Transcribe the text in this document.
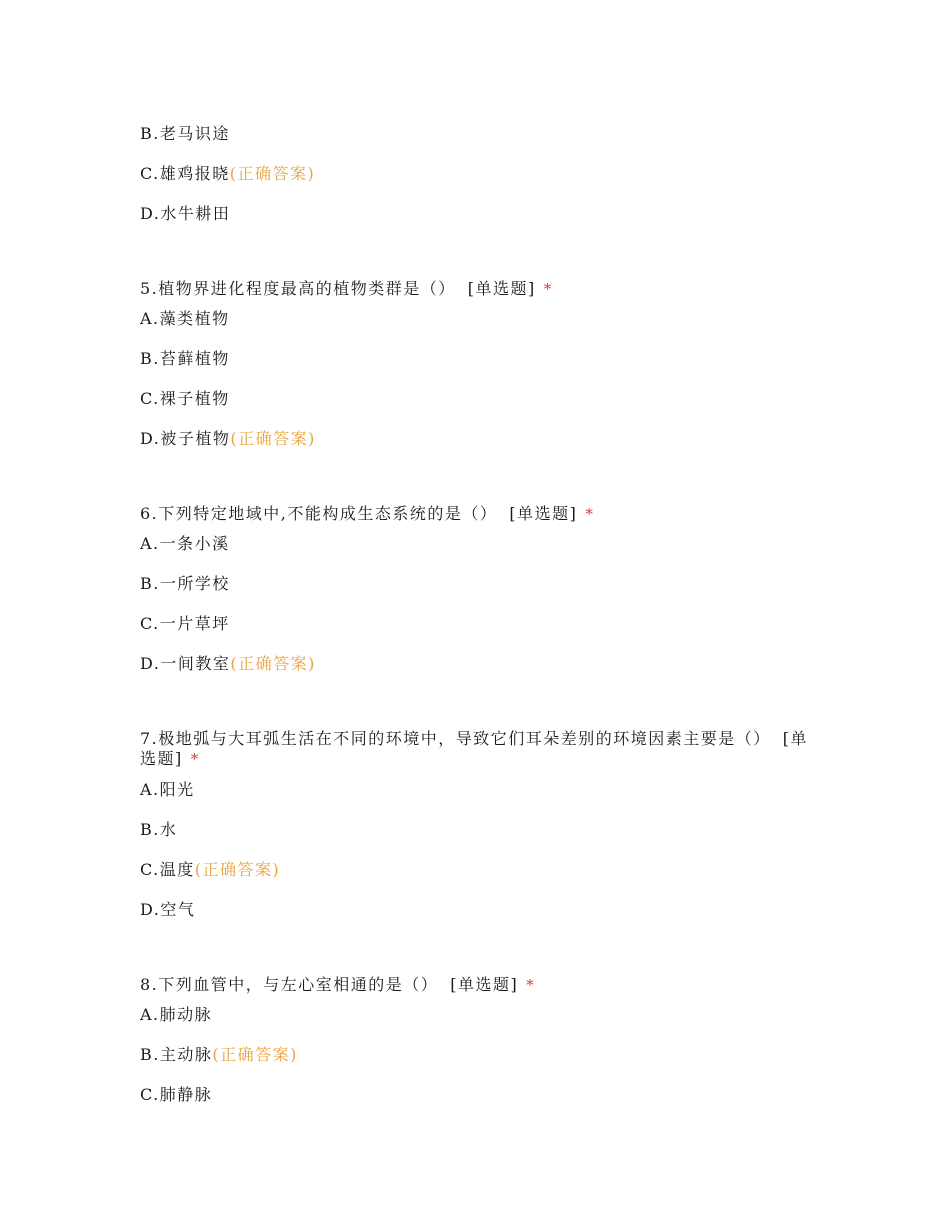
B.老马识途
C.雄鸡报晓(正确答案)
D.水牛耕田
5.植物界进化程度最高的植物类群是（） [单选题] *
A.藻类植物
B.苔藓植物
C.裸子植物
D.被子植物(正确答案)
6.下列特定地域中,不能构成生态系统的是（） [单选题] *
A.一条小溪
B.一所学校
C.一片草坪
D.一间教室(正确答案)
7.极地弧与大耳弧生活在不同的环境中，导致它们耳朵差别的环境因素主要是（） [单选题] *
A.阳光
B.水
C.温度(正确答案)
D.空气
8.下列血管中，与左心室相通的是（） [单选题] *
A.肺动脉
B.主动脉(正确答案)
C.肺静脉
